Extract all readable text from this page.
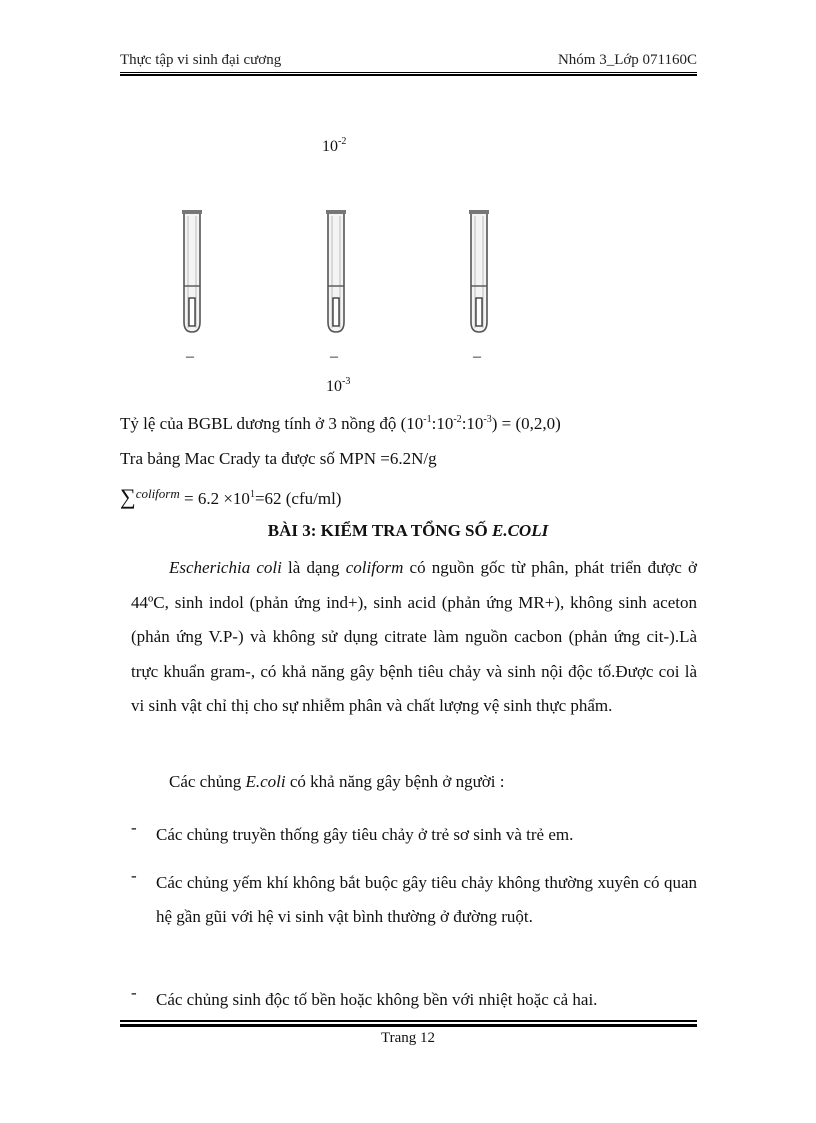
Thực tập vi sinh đại cương	Nhóm 3_Lớp 071160C
$10^{-2}$
–	–	–
$10^{-3}$
Tỷ lệ của BGBL dương tính ở 3 nồng độ $(10^{-1}:10^{-2}:10^{-3}) = (0,2,0)$
Tra bảng Mac Crady ta được số MPN =6.2N/g
$\sum^{coliform} = 6.2 \times 10^1=62$ (cfu/ml)
BÀI 3: KIỂM TRA TỔNG SỐ E.COLI
Escherichia coli là dạng coliform có nguồn gốc từ phân, phát triển được ở 44ºC, sinh indol (phản ứng ind+), sinh acid (phản ứng MR+), không sinh aceton (phản ứng V.P-) và không sử dụng citrate làm nguồn cacbon (phản ứng cit-).Là trực khuẩn gram-, có khả năng gây bệnh tiêu chảy và sinh nội độc tố.Được coi là vi sinh vật chỉ thị cho sự nhiễm phân và chất lượng vệ sinh thực phẩm.
Các chủng E.coli có khả năng gây bệnh ở người :
- Các chủng truyền thống gây tiêu chảy ở trẻ sơ sinh và trẻ em.
- Các chủng yếm khí không bắt buộc gây tiêu chảy không thường xuyên có quan hệ gần gũi với hệ vi sinh vật bình thường ở đường ruột.
- Các chủng sinh độc tố bền hoặc không bền với nhiệt hoặc cả hai.
Trang 12
